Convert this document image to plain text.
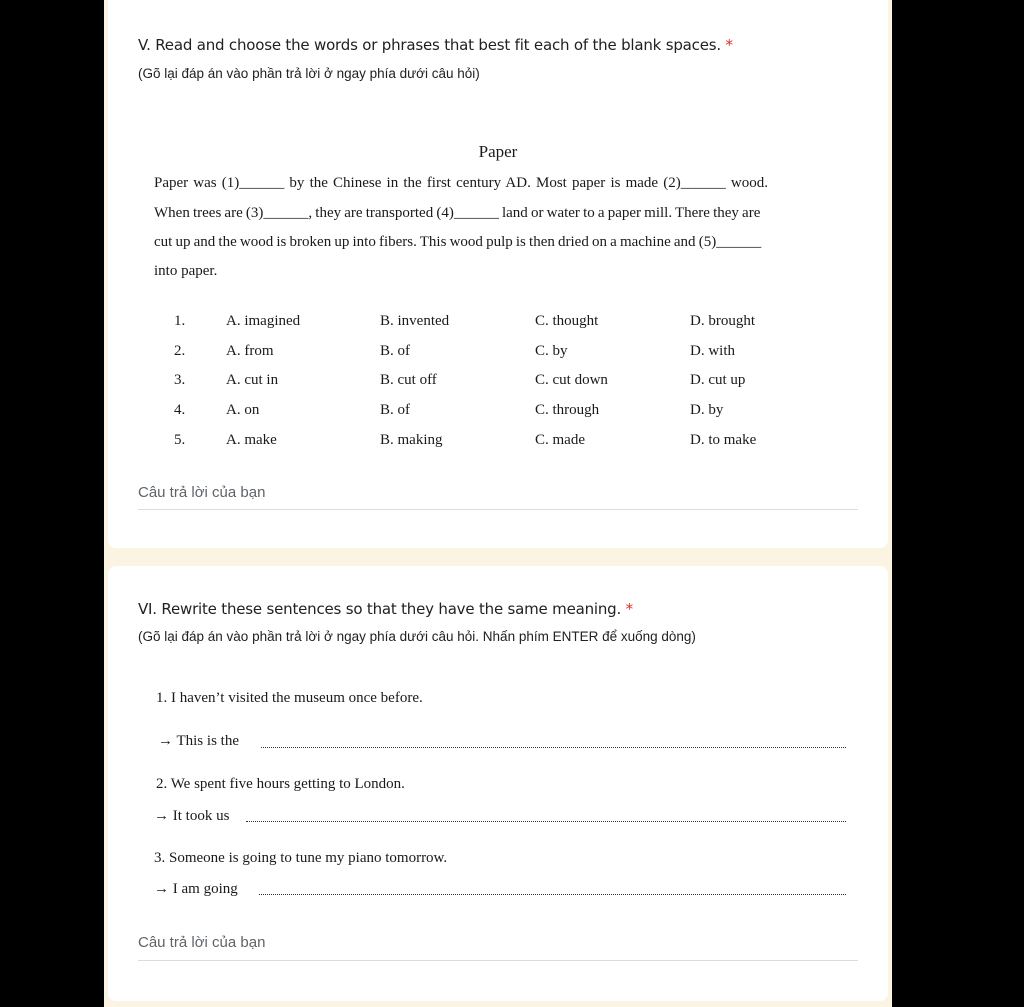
V. Read and choose the words or phrases that best fit each of the blank spaces. *
(Gõ lại đáp án vào phần trả lời ở ngay phía dưới câu hỏi)
Paper
Paper was (1)______ by the Chinese in the first century AD. Most paper is made (2)______ wood.
When trees are (3)______, they are transported (4)______ land or water to a paper mill. There they are
cut up and the wood is broken up into fibers. This wood pulp is then dried on a machine and (5)______
into paper.
1.	A. imagined	B. invented	C. thought	D. brought
2.	A. from	B. of	C. by	D. with
3.	A. cut in	B. cut off	C. cut down	D. cut up
4.	A. on	B. of	C. through	D. by
5.	A. make	B. making	C. made	D. to make
Câu trả lời của bạn
VI. Rewrite these sentences so that they have the same meaning. *
(Gõ lại đáp án vào phần trả lời ở ngay phía dưới câu hỏi. Nhấn phím ENTER để xuống dòng)
1. I haven’t visited the museum once before.
→ This is the
2. We spent five hours getting to London.
→ It took us
3. Someone is going to tune my piano tomorrow.
→ I am going
Câu trả lời của bạn
